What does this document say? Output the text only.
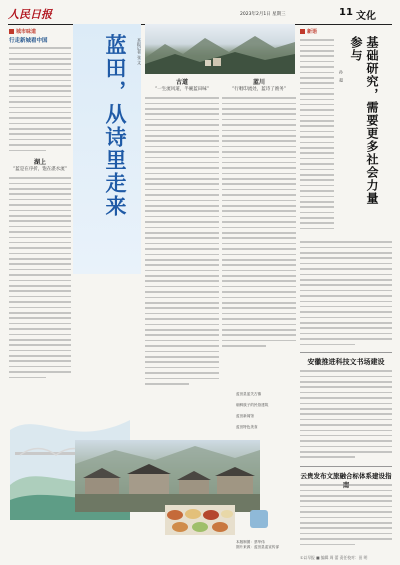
人民日报	2023年2月1日 星期三	11 文化
城市味道
行走新城看中国
湖上
“蓝是在序折，饱在湛水流”	蓝田，从诗里走来 本报记者 张 文
古道
“一生流风道，半碗蓝田味”
蓝川
“行唱印流处，蓝诗了渔务”
蓝田县蓝关古镇
朝鲜族子的民俗建筑
蓝田新闻馆
蓝田特色美食
本版制图：蔡华伟
图片来源：蓝田县委宣传部
新语
基础研究，需要更多社会力量参与
孙　超
安徽推进科技文书场建设
云贵发布文旅融合标体系建设指南
①以早报 ■ 编辑 周 蕾 责任校对：田 明
